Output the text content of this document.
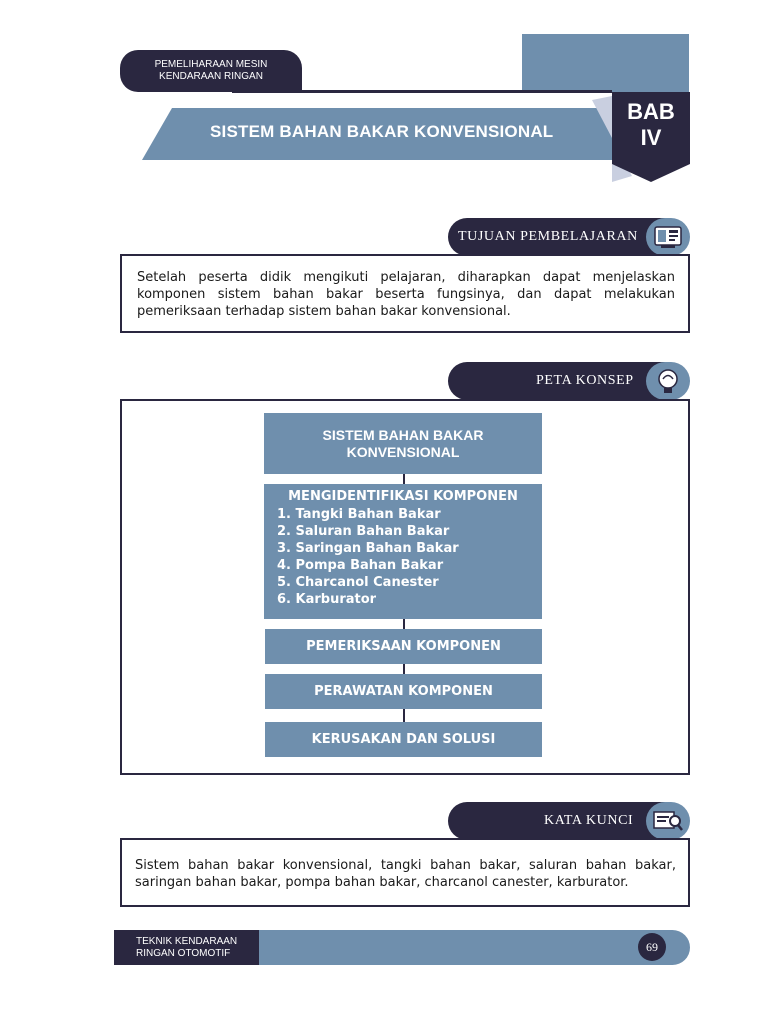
PEMELIHARAAN MESIN
KENDARAAN RINGAN
SISTEM BAHAN BAKAR KONVENSIONAL
BAB
IV
TUJUAN PEMBELAJARAN
Setelah peserta didik mengikuti pelajaran, diharapkan dapat menjelaskan komponen sistem bahan bakar beserta fungsinya, dan dapat melakukan pemeriksaan terhadap sistem bahan bakar konvensional.
PETA KONSEP
SISTEM BAHAN BAKAR
KONVENSIONAL
MENGIDENTIFIKASI KOMPONEN
1. Tangki Bahan Bakar
2. Saluran Bahan Bakar
3. Saringan Bahan Bakar
4. Pompa Bahan Bakar
5. Charcanol Canester
6. Karburator
PEMERIKSAAN KOMPONEN
PERAWATAN KOMPONEN
KERUSAKAN DAN SOLUSI
KATA KUNCI
Sistem bahan bakar konvensional, tangki bahan bakar, saluran bahan bakar, saringan bahan bakar, pompa bahan bakar, charcanol canester, karburator.
TEKNIK KENDARAAN
RINGAN OTOMOTIF	69
